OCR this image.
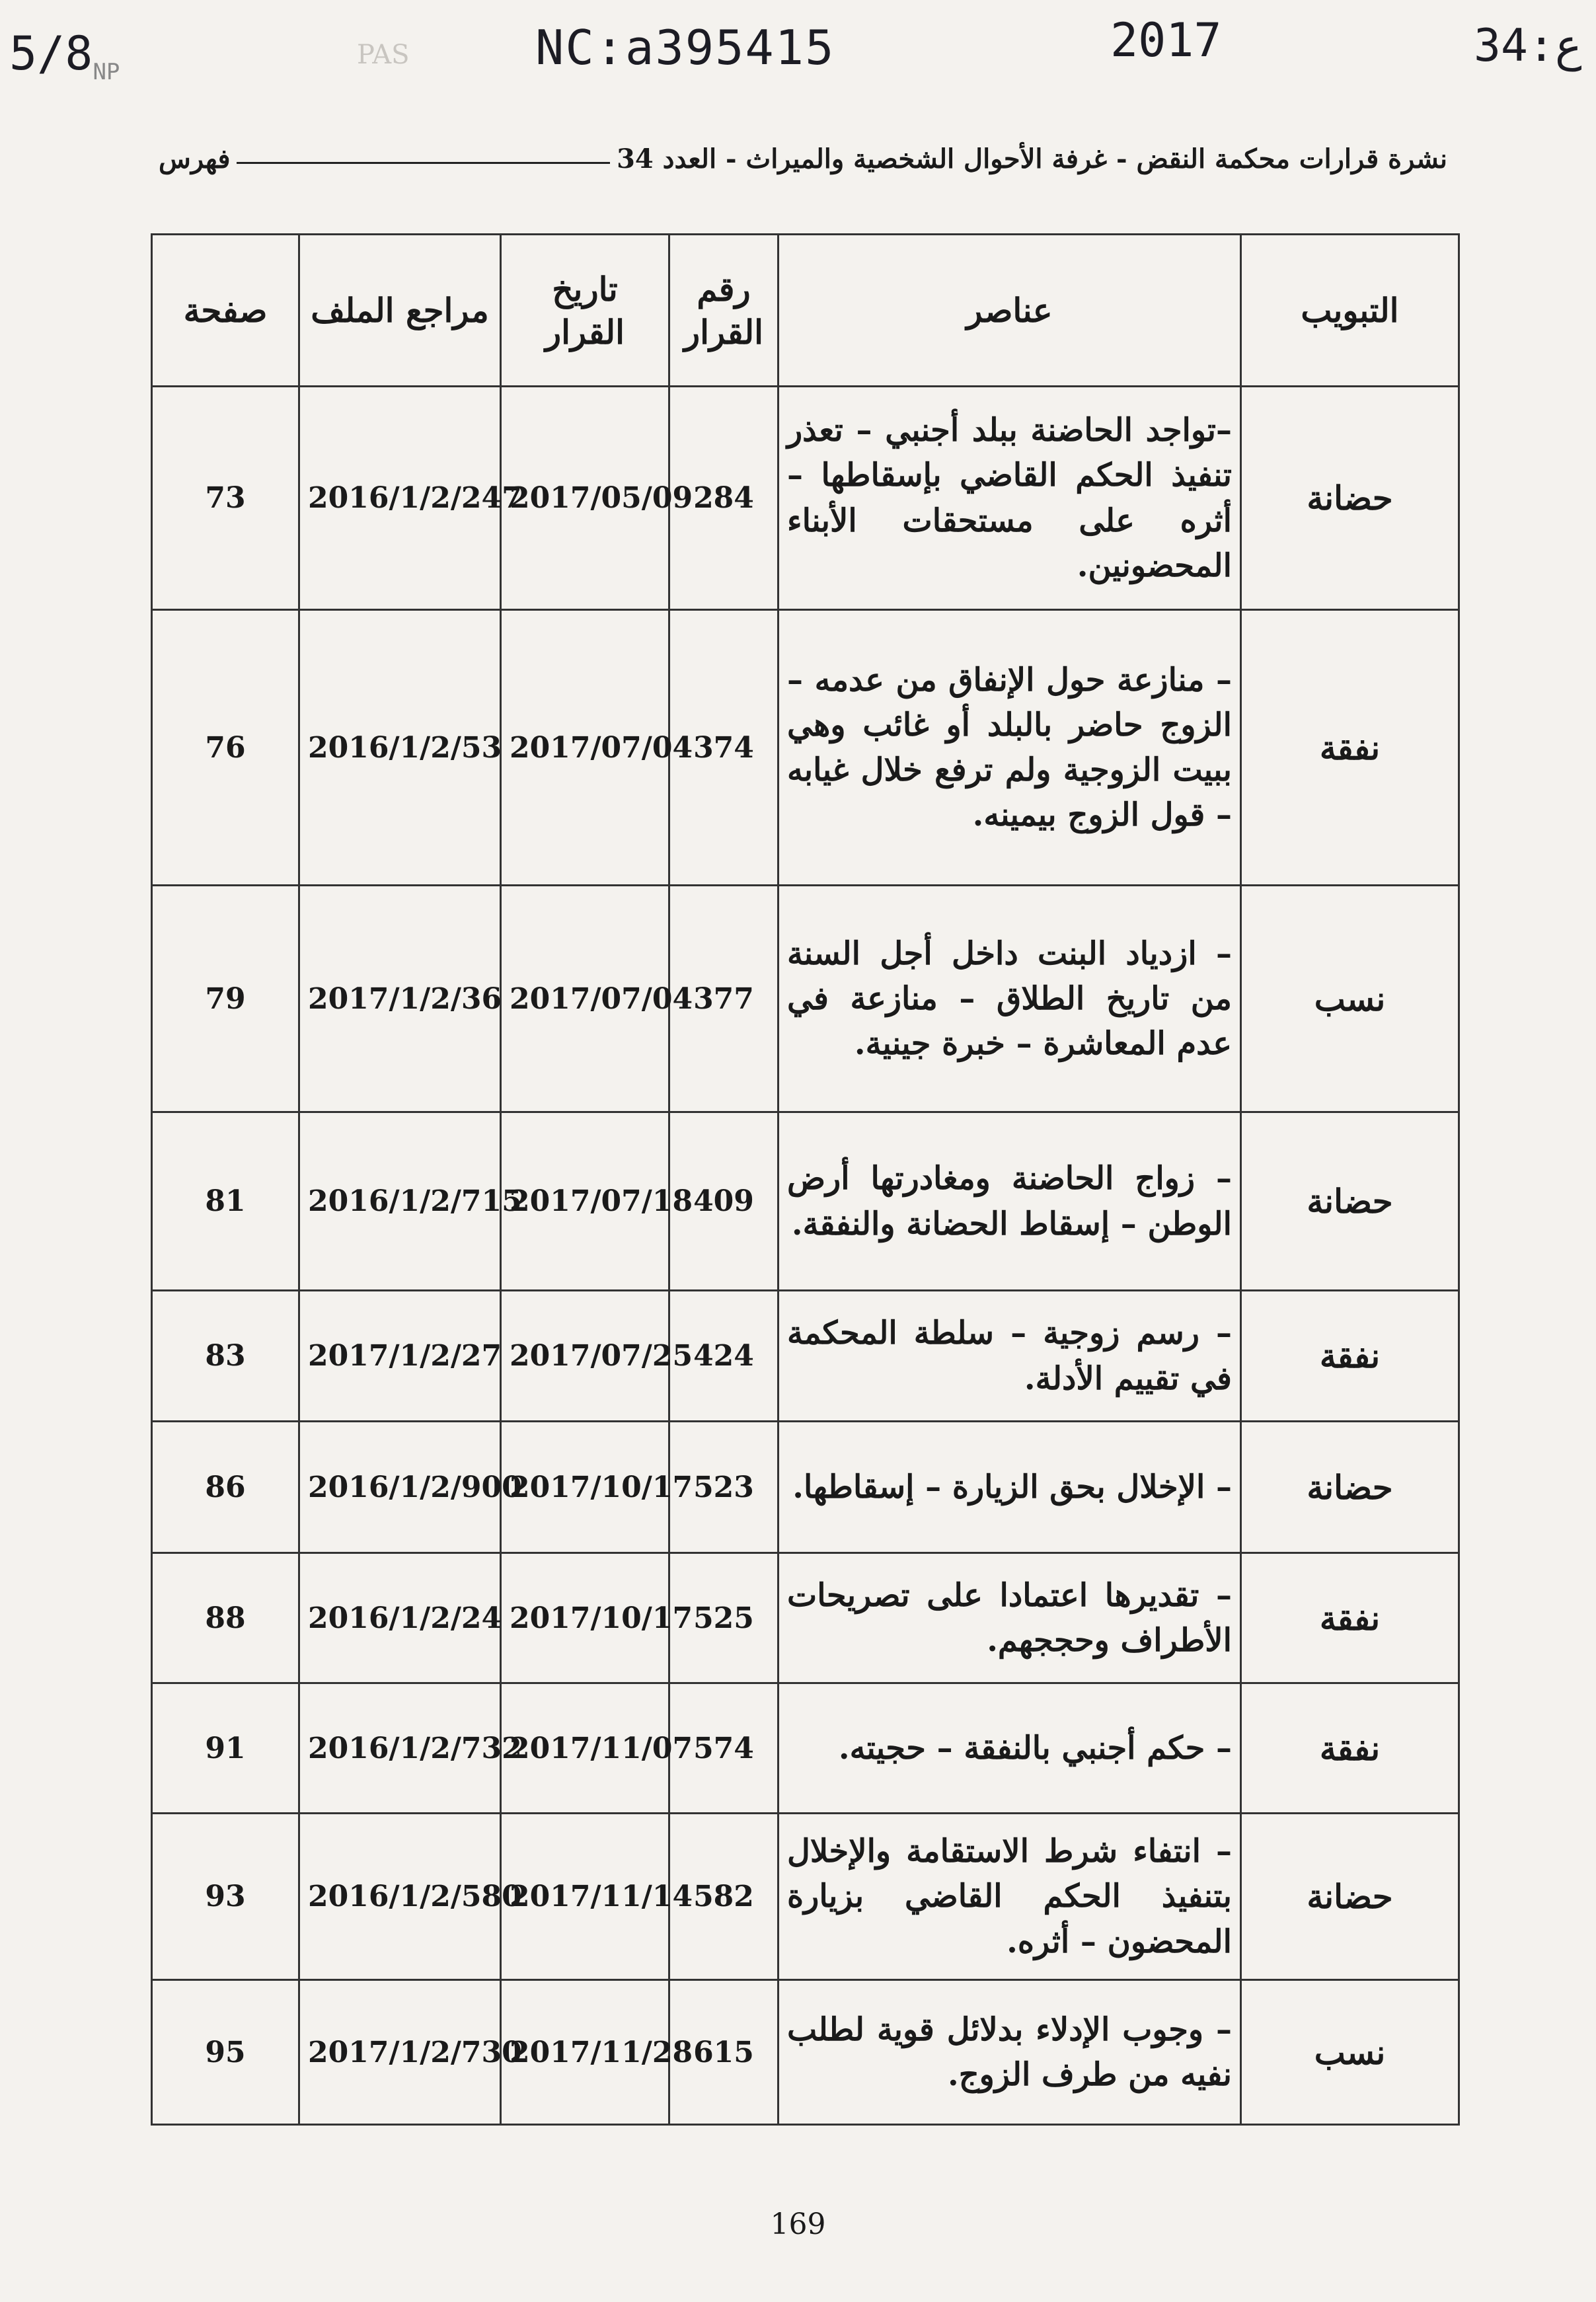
$5/8_{NP}$
PAS	NC:a395415	2017	34:ع
نشرة قرارات محكمة النقض - غرفة الأحوال الشخصية والميراث - العدد 34
فهرس
التبويب	عناصر	رقم القرار	تاريخ القرار	مراجع الملف	صفحة
حضانة	–تواجد الحاضنة ببلد أجنبي – تعذر تنفيذ الحكم القاضي بإسقاطها – أثره على مستحقات الأبناء المحضونين.	284	2017/05/09	2016/1/2/247	73
نفقة	– منازعة حول الإنفاق من عدمه – الزوج حاضر بالبلد أو غائب وهي ببيت الزوجية ولم ترفع خلال غيابه – قول الزوج بيمينه.	374	2017/07/04	2016/1/2/53	76
نسب	– ازدياد البنت داخل أجل السنة من تاريخ الطلاق – منازعة في عدم المعاشرة – خبرة جينية.	377	2017/07/04	2017/1/2/36	79
حضانة	– زواج الحاضنة ومغادرتها أرض الوطن – إسقاط الحضانة والنفقة.	409	2017/07/18	2016/1/2/715	81
نفقة	– رسم زوجية – سلطة المحكمة في تقييم الأدلة.	424	2017/07/25	2017/1/2/27	83
حضانة	– الإخلال بحق الزيارة – إسقاطها.	523	2017/10/17	2016/1/2/900	86
نفقة	– تقديرها اعتمادا على تصريحات الأطراف وحججهم.	525	2017/10/17	2016/1/2/24	88
نفقة	– حكم أجنبي بالنفقة – حجيته.	574	2017/11/07	2016/1/2/732	91
حضانة	– انتفاء شرط الاستقامة والإخلال بتنفيذ الحكم القاضي بزيارة المحضون – أثره.	582	2017/11/14	2016/1/2/580	93
نسب	– وجوب الإدلاء بدلائل قوية لطلب نفيه من طرف الزوج.	615	2017/11/28	2017/1/2/730	95
169
